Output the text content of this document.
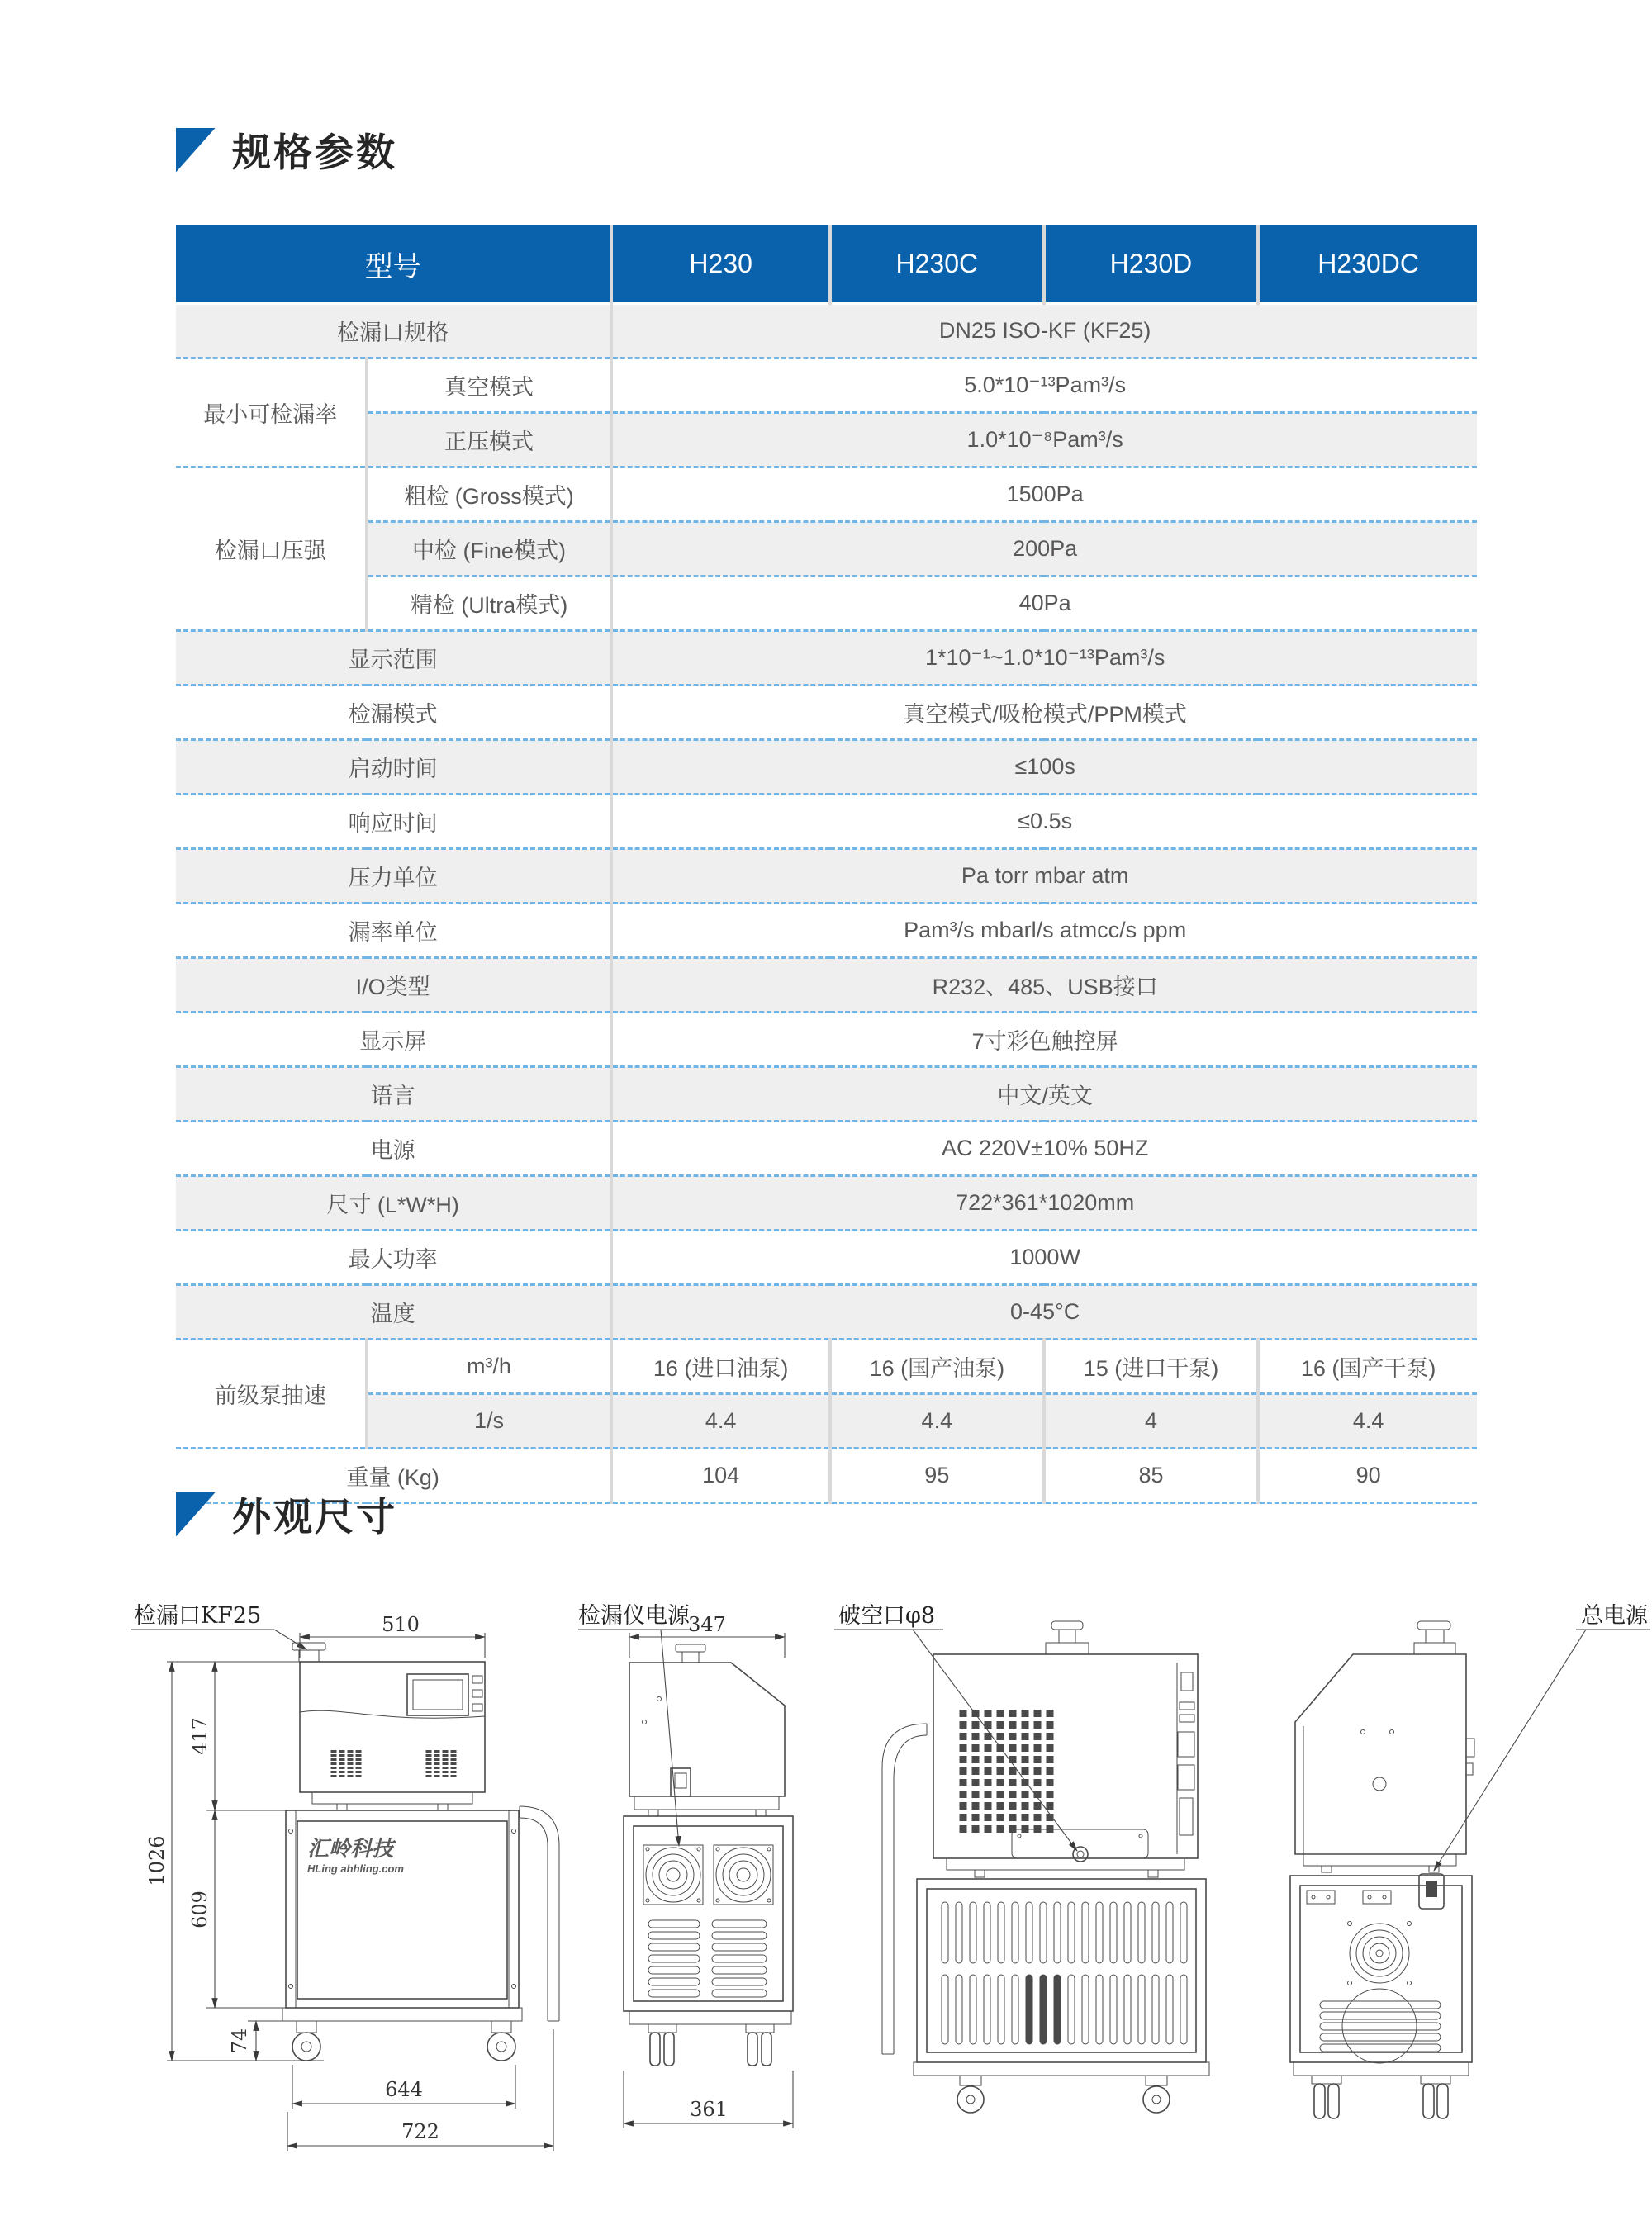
规格参数
型号		H230	H230C	H230D	H230DC
检漏口规格		DN25 ISO-KF (KF25)			
最小可检漏率	真空模式	5.0*10⁻¹³Pam³/s			
	正压模式	1.0*10⁻⁸Pam³/s			
检漏口压强	粗检 (Gross模式)	1500Pa			
	中检 (Fine模式)	200Pa			
	精检 (Ultra模式)	40Pa			
显示范围		1*10⁻¹~1.0*10⁻¹³Pam³/s			
检漏模式		真空模式/吸枪模式/PPM模式			
启动时间		≤100s			
响应时间		≤0.5s			
压力单位		Pa torr mbar atm			
漏率单位		Pam³/s mbarl/s atmcc/s ppm			
I/O类型		R232、485、USB接口			
显示屏		7寸彩色触控屏			
语言		中文/英文			
电源		AC 220V±10% 50HZ			
尺寸 (L*W*H)		722*361*1020mm			
最大功率		1000W			
温度		0-45°C			
前级泵抽速	m³/h	16 (进口油泵)	16 (国产油泵)	15 (进口干泵)	16 (国产干泵)
	1/s	4.4	4.4	4	4.4
重量 (Kg)		104	95	85	90
外观尺寸
检漏口KF25	510
汇岭科技
HLing ahhling.com
1026
417
609
74
644
722
检漏仪电源
347
361
破空口φ8	总电源
